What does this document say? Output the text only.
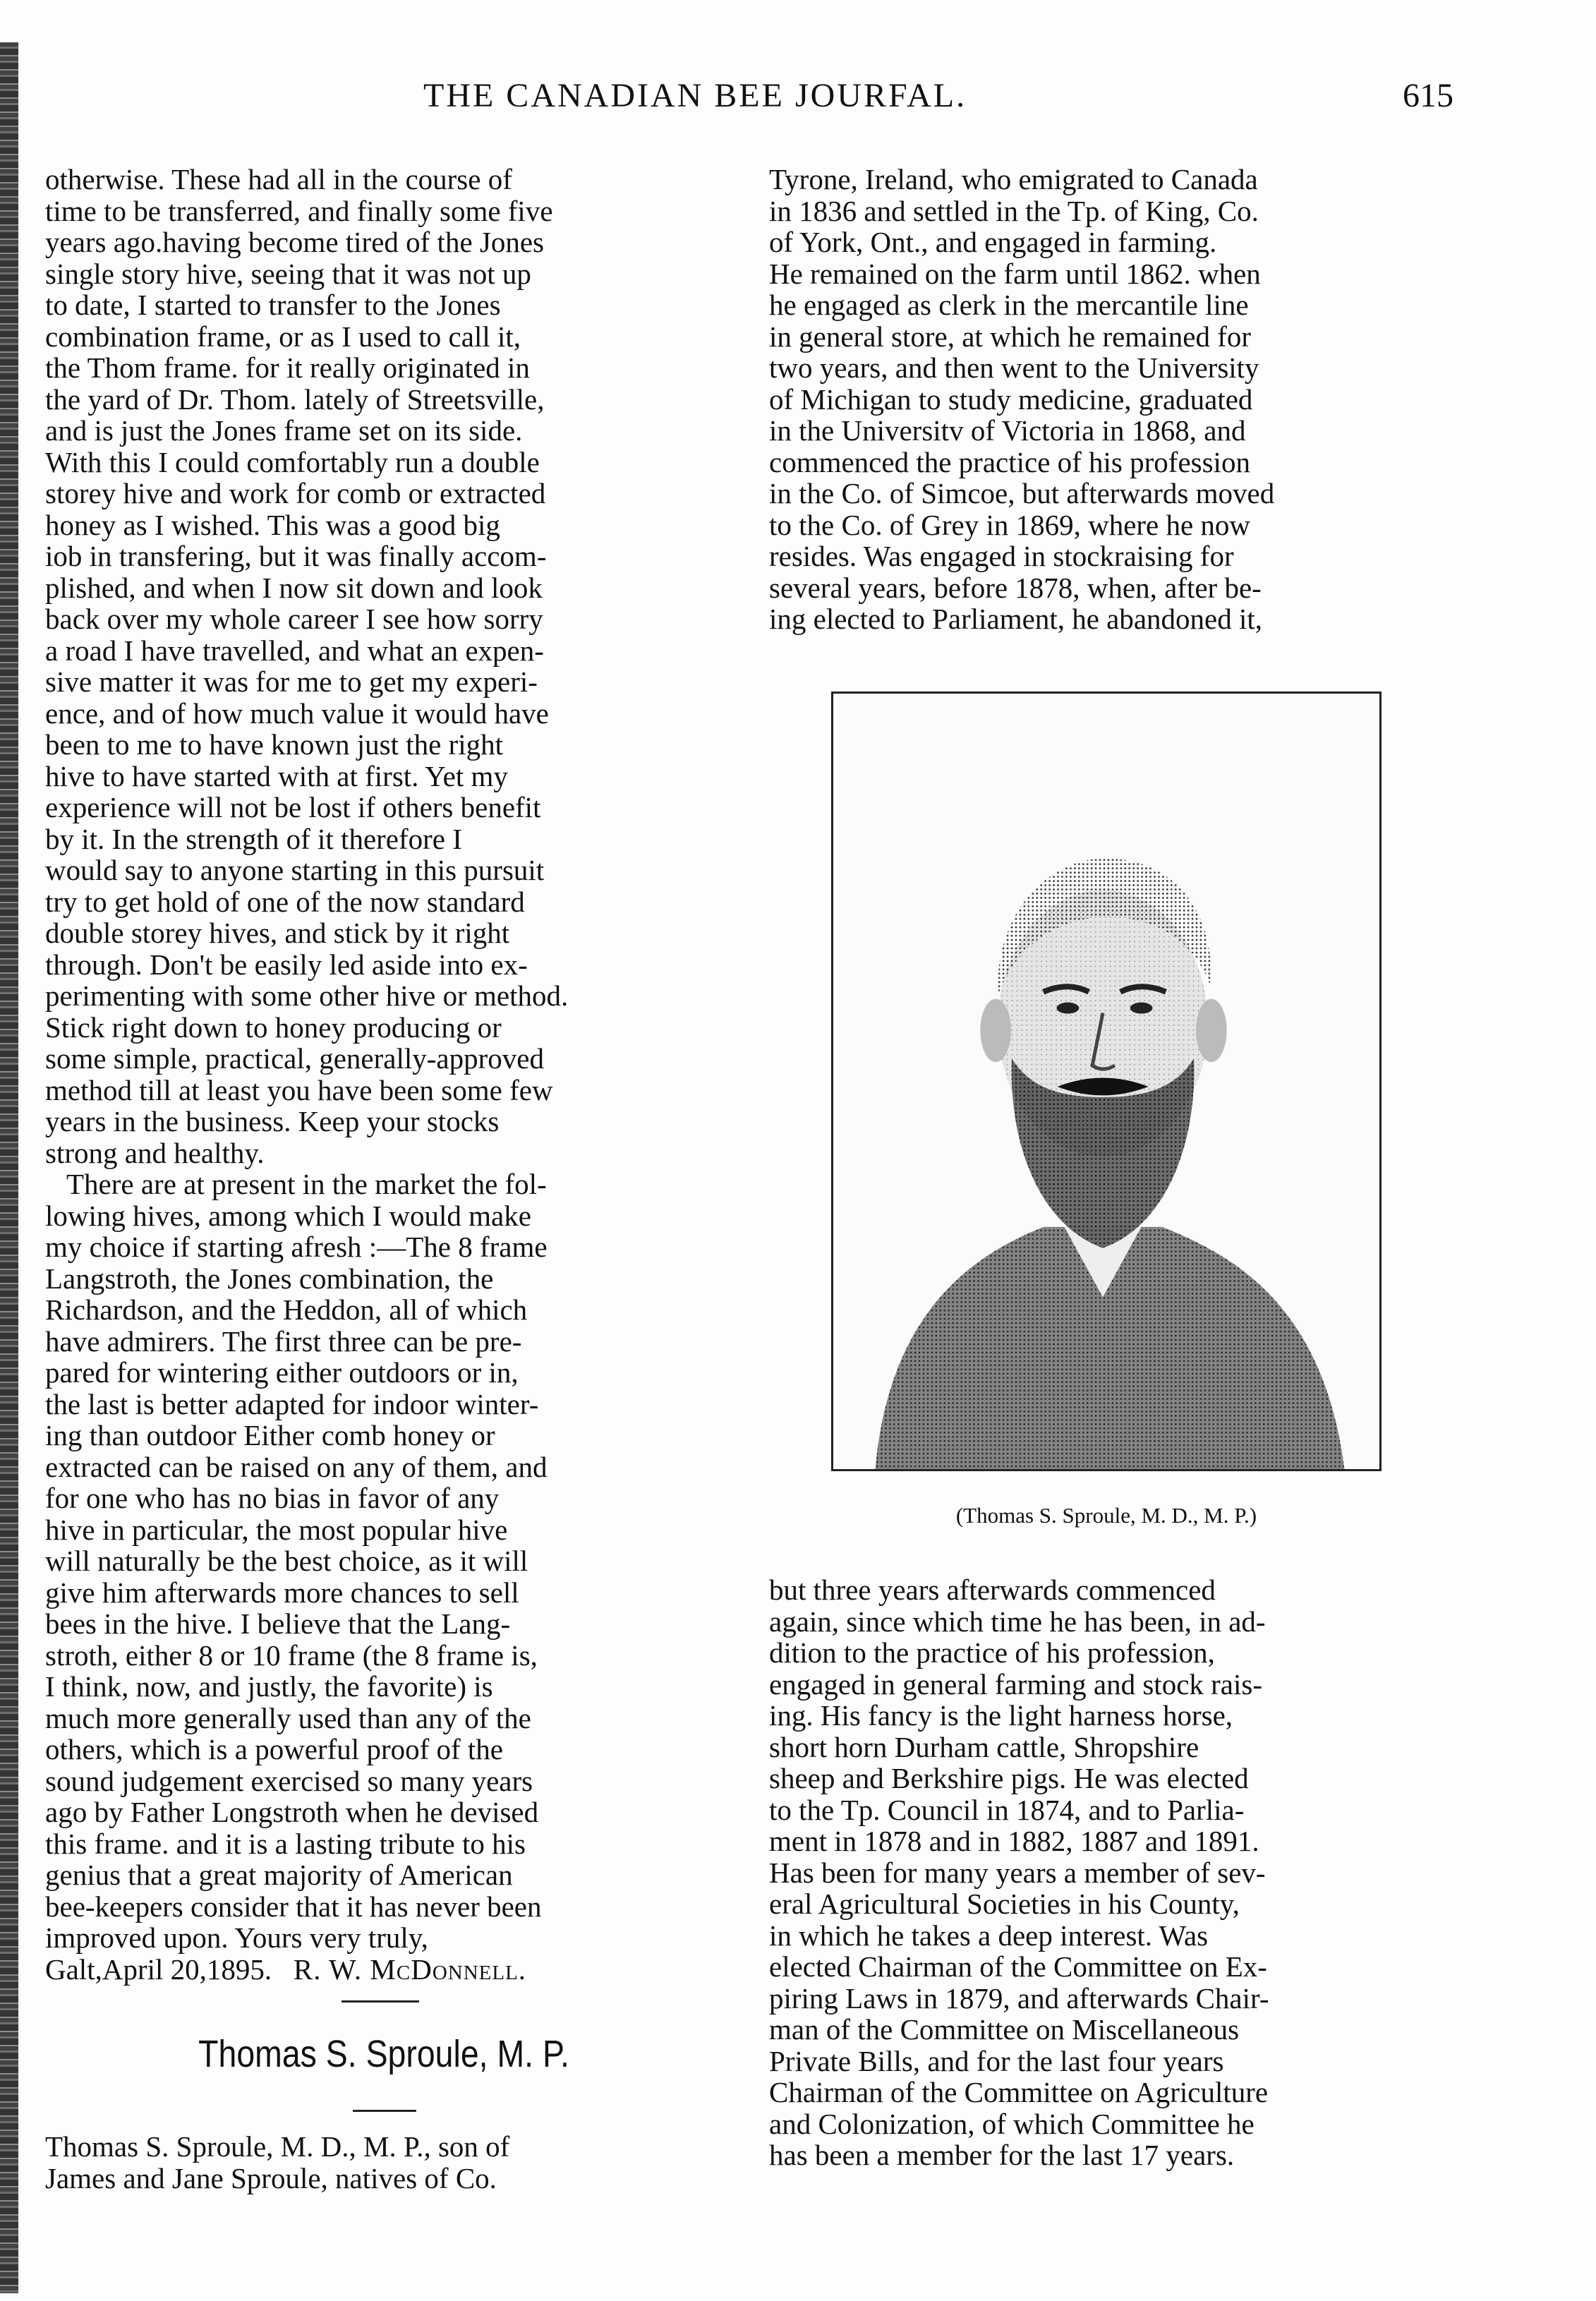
THE CANADIAN BEE JOURFAL.	615

otherwise. These had all in the course of
time to be transferred, and finally some five
years ago.having become tired of the Jones
single story hive, seeing that it was not up
to date, I started to transfer to the Jones
combination frame, or as I used to call it,
the Thom frame. for it really originated in
the yard of Dr. Thom. lately of Streetsville,
and is just the Jones frame set on its side.
With this I could comfortably run a double
storey hive and work for comb or extracted
honey as I wished. This was a good big
iob in transfering, but it was finally accom-
plished, and when I now sit down and look
back over my whole career I see how sorry
a road I have travelled, and what an expen-
sive matter it was for me to get my experi-
ence, and of how much value it would have
been to me to have known just the right
hive to have started with at first. Yet my
experience will not be lost if others benefit
by it. In the strength of it therefore I
would say to anyone starting in this pursuit
try to get hold of one of the now standard
double storey hives, and stick by it right
through. Don't be easily led aside into ex-
perimenting with some other hive or method.
Stick right down to honey producing or
some simple, practical, generally-approved
method till at least you have been some few
years in the business. Keep your stocks
strong and healthy.

There are at present in the market the fol-
lowing hives, among which I would make
my choice if starting afresh :—The 8 frame
Langstroth, the Jones combination, the
Richardson, and the Heddon, all of which
have admirers. The first three can be pre-
pared for wintering either outdoors or in,
the last is better adapted for indoor winter-
ing than outdoor Either comb honey or
extracted can be raised on any of them, and
for one who has no bias in favor of any
hive in particular, the most popular hive
will naturally be the best choice, as it will
give him afterwards more chances to sell
bees in the hive. I believe that the Lang-
stroth, either 8 or 10 frame (the 8 frame is,
I think, now, and justly, the favorite) is
much more generally used than any of the
others, which is a powerful proof of the
sound judgement exercised so many years
ago by Father Longstroth when he devised
this frame. and it is a lasting tribute to his
genius that a great majority of American
bee-keepers consider that it has never been
improved upon. Yours very truly,

Galt,April 20,1895. R. W. McDonnell.
Thomas S. Sproule, M. P.

Thomas S. Sproule, M. D., M. P., son of
James and Jane Sproule, natives of Co.

Tyrone, Ireland, who emigrated to Canada
in 1836 and settled in the Tp. of King, Co.
of York, Ont., and engaged in farming.
He remained on the farm until 1862. when
he engaged as clerk in the mercantile line
in general store, at which he remained for
two years, and then went to the University
of Michigan to study medicine, graduated
in the Universitv of Victoria in 1868, and
commenced the practice of his profession
in the Co. of Simcoe, but afterwards moved
to the Co. of Grey in 1869, where he now
resides. Was engaged in stockraising for
several years, before 1878, when, after be-
ing elected to Parliament, he abandoned it,

(Thomas S. Sproule, M. D., M. P.)

but three years afterwards commenced
again, since which time he has been, in ad-
dition to the practice of his profession,
engaged in general farming and stock rais-
ing. His fancy is the light harness horse,
short horn Durham cattle, Shropshire
sheep and Berkshire pigs. He was elected
to the Tp. Council in 1874, and to Parlia-
ment in 1878 and in 1882, 1887 and 1891.
Has been for many years a member of sev-
eral Agricultural Societies in his County,
in which he takes a deep interest. Was
elected Chairman of the Committee on Ex-
piring Laws in 1879, and afterwards Chair-
man of the Committee on Miscellaneous
Private Bills, and for the last four years
Chairman of the Committee on Agriculture
and Colonization, of which Committee he
has been a member for the last 17 years.
